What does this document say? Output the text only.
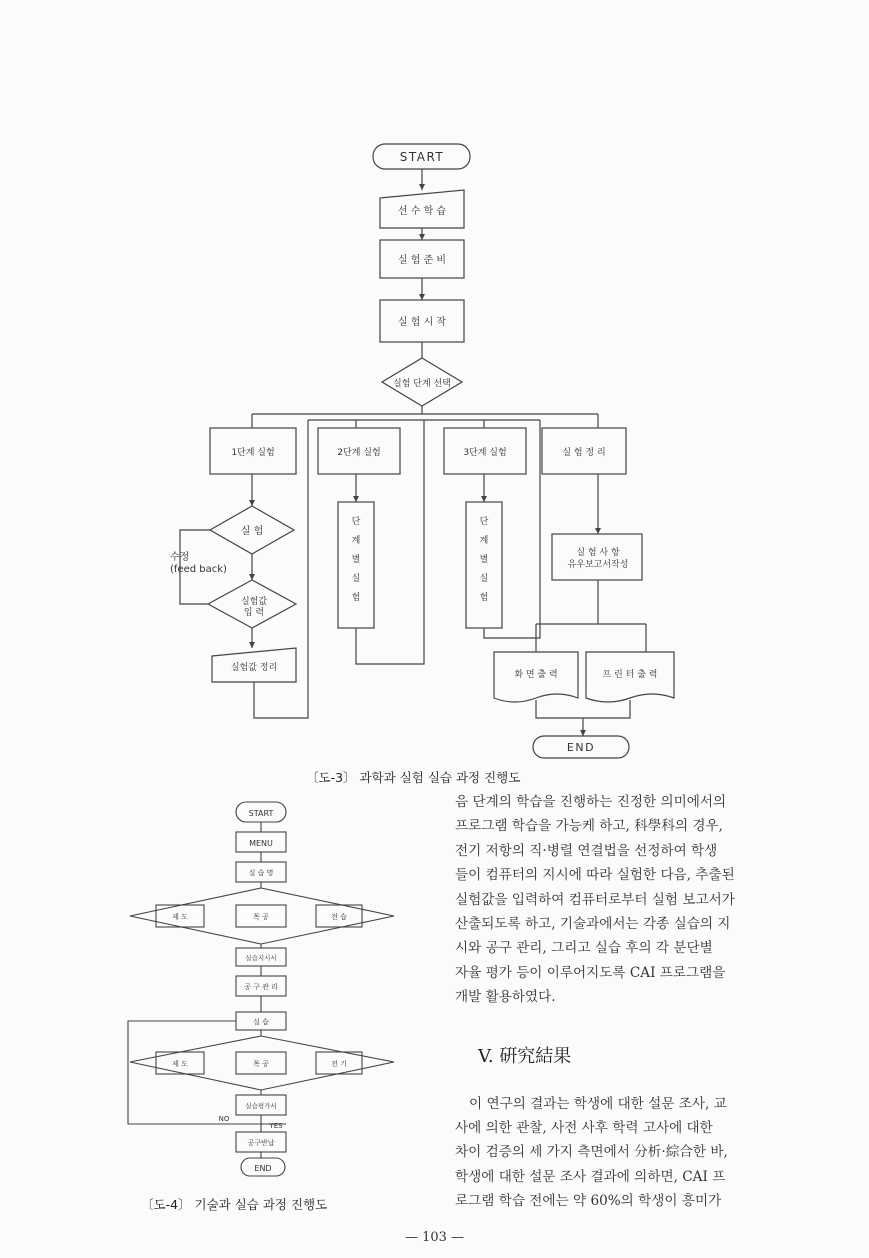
START
선 수 학 습
실 험 준 비
실 험 시 작
실험 단계 선택
1단계 실험	2단계 실험	3단계 실험	실 험 정 리
실 험
실험값 입 력
수정 (feed back)
실험값 정리
단 계 별 실 험
단 계 별 실 험
실 험 사 항 유우보고서작성
화 면 출 력	프 린 터 출 력
END
START
MENU
실 습 명
제 도	목 공	전 습
실습지시서
공 구 관 리
실 습
제 도	목 공	전 기
실습평가서
NO
YES
공구반납
END
〔도-3〕 과학과 실험 실습 과정 진행도
〔도-4〕 기술과 실습 과정 진행도

음 단계의 학습을 진행하는 진정한 의미에서의

프로그램 학습을 가능케 하고, 科學科의 경우,

전기 저항의 직·병렬 연결법을 선정하여 학생

들이 컴퓨터의 지시에 따라 실험한 다음, 추출된

실험값을 입력하여 컴퓨터로부터 실험 보고서가

산출되도록 하고, 기술과에서는 각종 실습의 지

시와 공구 관리, 그리고 실습 후의 각 분단별

자율 평가 등이 이루어지도록 CAI 프로그램을

개발 활용하였다.

V. 硏究結果

이 연구의 결과는 학생에 대한 설문 조사, 교

사에 의한 관찰, 사전 사후 학력 고사에 대한

차이 검증의 세 가지 측면에서 分析·綜合한 바,

학생에 대한 설문 조사 결과에 의하면, CAI 프

로그램 학습 전에는 약 60%의 학생이 흥미가

— 103 —
